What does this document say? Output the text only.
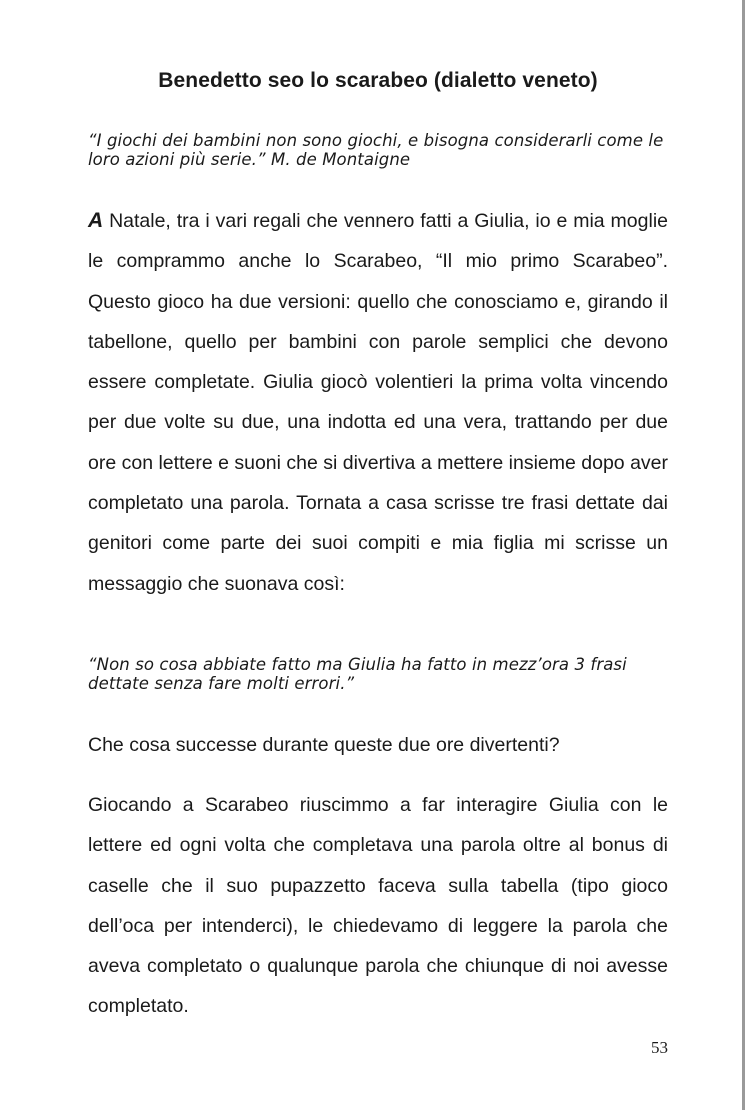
Benedetto seo lo scarabeo (dialetto veneto)
“I giochi dei bambini non sono giochi, e bisogna considerarli come le loro azioni più serie.” M. de Montaigne

A Natale, tra i vari regali che vennero fatti a Giulia, io e mia moglie le comprammo anche lo Scarabeo, “Il mio primo Scarabeo”. Questo gioco ha due versioni: quello che conosciamo e, girando il tabellone, quello per bambini con parole semplici che devono essere completate. Giulia giocò volentieri la prima volta vincendo per due volte su due, una indotta ed una vera, trattando per due ore con lettere e suoni che si divertiva a mettere insieme dopo aver completato una parola. Tornata a casa scrisse tre frasi dettate dai genitori come parte dei suoi compiti e mia figlia mi scrisse un messaggio che suonava così:

“Non so cosa abbiate fatto ma Giulia ha fatto in mezz’ora 3 frasi dettate senza fare molti errori.”

Che cosa successe durante queste due ore divertenti?

Giocando a Scarabeo riuscimmo a far interagire Giulia con le lettere ed ogni volta che completava una parola oltre al bonus di caselle che il suo pupazzetto faceva sulla tabella (tipo gioco dell’oca per intenderci), le chiedevamo di leggere la parola che aveva completato o qualunque parola che chiunque di noi avesse completato.

53
